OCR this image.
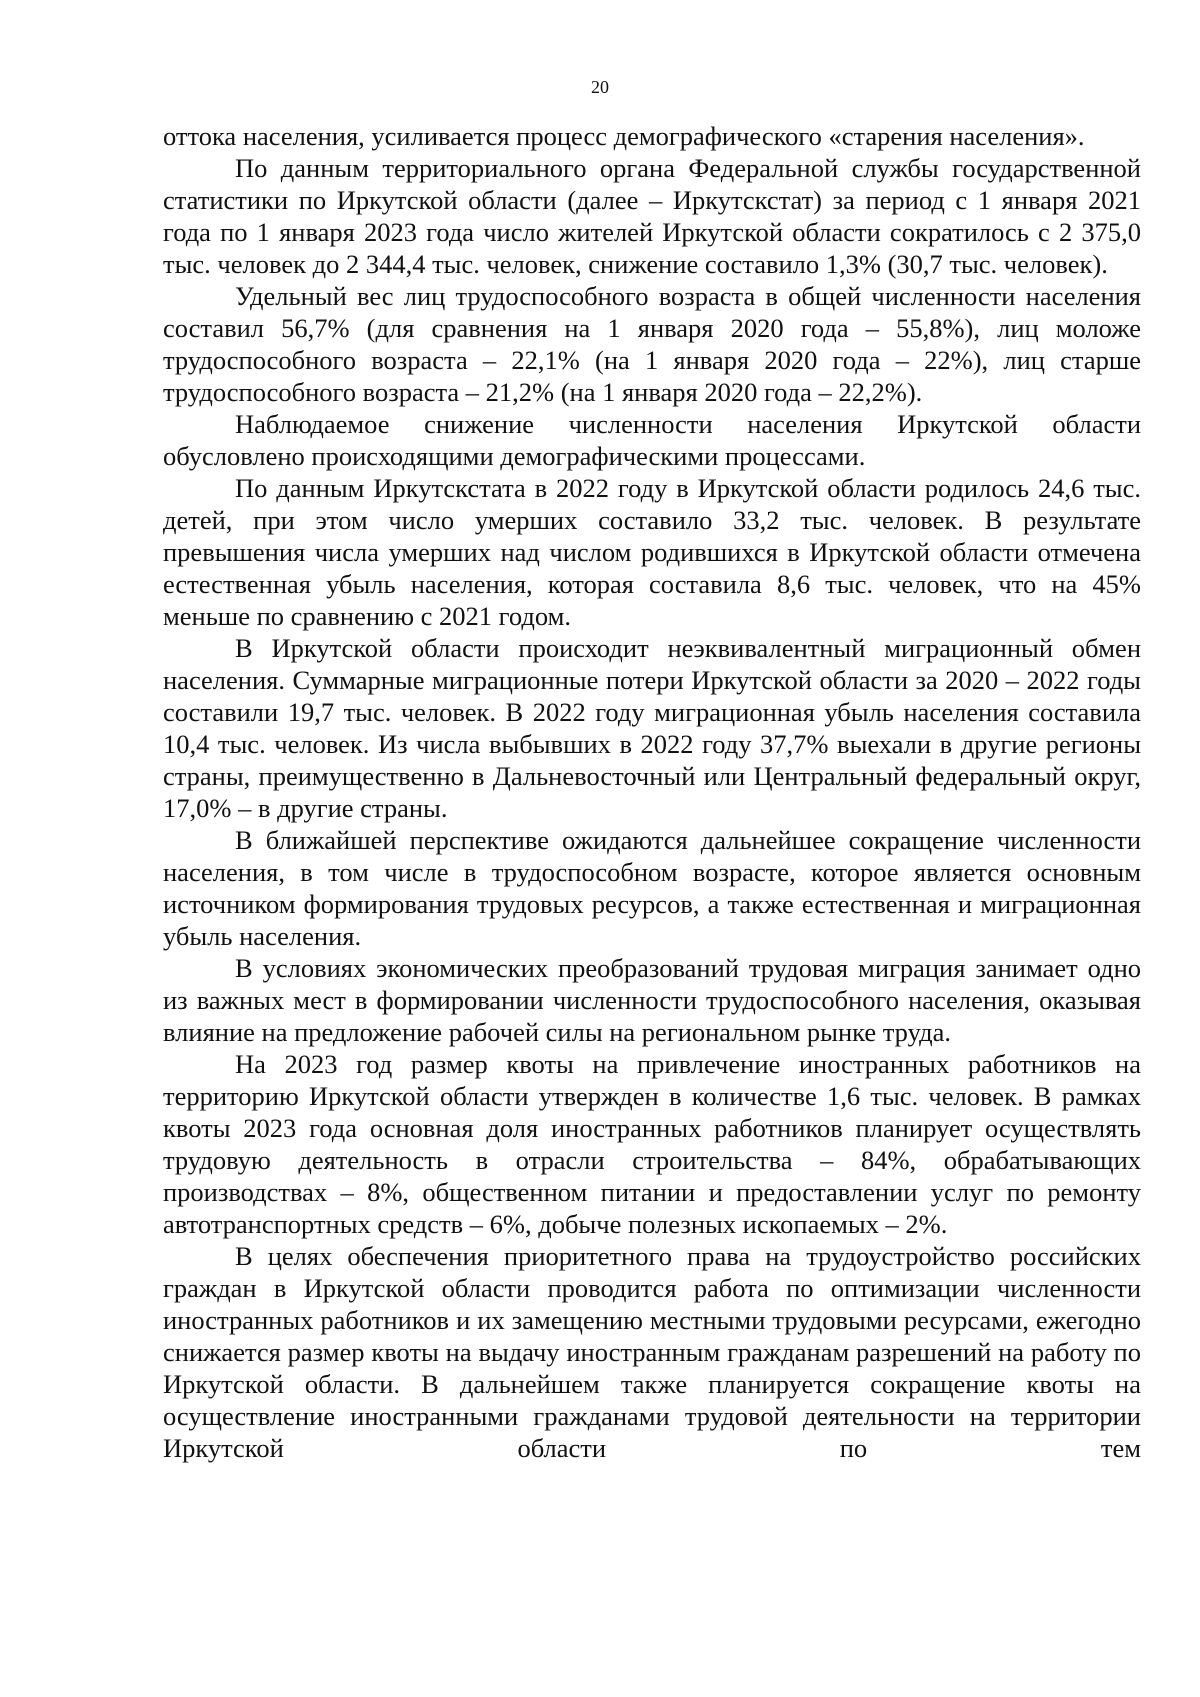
20

оттока населения, усиливается процесс демографического «старения населения».

По данным территориального органа Федеральной службы государственной статистики по Иркутской области (далее – Иркутскстат) за период с 1 января 2021 года по 1 января 2023 года число жителей Иркутской области сократилось с 2 375,0 тыс. человек до 2 344,4 тыс. человек, снижение составило 1,3% (30,7 тыс. человек).

Удельный вес лиц трудоспособного возраста в общей численности населения составил 56,7% (для сравнения на 1 января 2020 года – 55,8%), лиц моложе трудоспособного возраста – 22,1% (на 1 января 2020 года – 22%), лиц старше трудоспособного возраста – 21,2% (на 1 января 2020 года – 22,2%).

Наблюдаемое снижение численности населения Иркутской области обусловлено происходящими демографическими процессами.

По данным Иркутскстата в 2022 году в Иркутской области родилось 24,6 тыс. детей, при этом число умерших составило 33,2 тыс. человек. В результате превышения числа умерших над числом родившихся в Иркутской области отмечена естественная убыль населения, которая составила 8,6 тыс. человек, что на 45% меньше по сравнению с 2021 годом.

В Иркутской области происходит неэквивалентный миграционный обмен населения. Суммарные миграционные потери Иркутской области за 2020 – 2022 годы составили 19,7 тыс. человек. В 2022 году миграционная убыль населения составила 10,4 тыс. человек. Из числа выбывших в 2022 году 37,7% выехали в другие регионы страны, преимущественно в Дальневосточный или Центральный федеральный округ, 17,0% – в другие страны.

В ближайшей перспективе ожидаются дальнейшее сокращение численности населения, в том числе в трудоспособном возрасте, которое является основным источником формирования трудовых ресурсов, а также естественная и миграционная убыль населения.

В условиях экономических преобразований трудовая миграция занимает одно из важных мест в формировании численности трудоспособного населения, оказывая влияние на предложение рабочей силы на региональном рынке труда.

На 2023 год размер квоты на привлечение иностранных работников на территорию Иркутской области утвержден в количестве 1,6 тыс. человек. В рамках квоты 2023 года основная доля иностранных работников планирует осуществлять трудовую деятельность в отрасли строительства – 84%, обрабатывающих производствах – 8%, общественном питании и предоставлении услуг по ремонту автотранспортных средств – 6%, добыче полезных ископаемых – 2%.

В целях обеспечения приоритетного права на трудоустройство российских граждан в Иркутской области проводится работа по оптимизации численности иностранных работников и их замещению местными трудовыми ресурсами, ежегодно снижается размер квоты на выдачу иностранным гражданам разрешений на работу по Иркутской области. В дальнейшем также планируется сокращение квоты на осуществление иностранными гражданами трудовой деятельности на территории Иркутской области по тем
